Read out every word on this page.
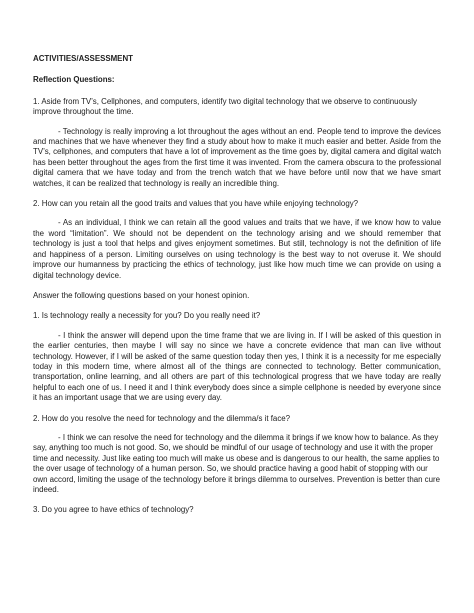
ACTIVITIES/ASSESSMENT

Reflection Questions:

1. Aside from TV’s, Cellphones, and computers, identify two digital technology that we observe to continuously improve throughout the time.

- Technology is really improving a lot throughout the ages without an end. People tend to improve the devices and machines that we have whenever they find a study about how to make it much easier and better. Aside from the TV’s, cellphones, and computers that have a lot of improvement as the time goes by, digital camera and digital watch has been better throughout the ages from the first time it was invented. From the camera obscura to the professional digital camera that we have today and from the trench watch that we have before until now that we have smart watches, it can be realized that technology is really an incredible thing.

2. How can you retain all the good traits and values that you have while enjoying technology?

- As an individual, I think we can retain all the good values and traits that we have, if we know how to value the word “limitation”. We should not be dependent on the technology arising and we should remember that technology is just a tool that helps and gives enjoyment sometimes. But still, technology is not the definition of life and happiness of a person. Limiting ourselves on using technology is the best way to not overuse it. We should improve our humanness by practicing the ethics of technology, just like how much time we can provide on using a digital technology device.

Answer the following questions based on your honest opinion.

1. Is technology really a necessity for you? Do you really need it?

- I think the answer will depend upon the time frame that we are living in. If I will be asked of this question in the earlier centuries, then maybe I will say no since we have a concrete evidence that man can live without technology. However, if I will be asked of the same question today then yes, I think it is a necessity for me especially today in this modern time, where almost all of the things are connected to technology. Better communication, transportation, online learning, and all others are part of this technological progress that we have today are really helpful to each one of us. I need it and I think everybody does since a simple cellphone is needed by everyone since it has an important usage that we are using every day.

2. How do you resolve the need for technology and the dilemma/s it face?

- I think we can resolve the need for technology and the dilemma it brings if we know how to balance. As they say, anything too much is not good. So, we should be mindful of our usage of technology and use it with the proper time and necessity. Just like eating too much will make us obese and is dangerous to our health, the same applies to the over usage of technology of a human person. So, we should practice having a good habit of stopping with our own accord, limiting the usage of the technology before it brings dilemma to ourselves. Prevention is better than cure indeed.

3. Do you agree to have ethics of technology?
